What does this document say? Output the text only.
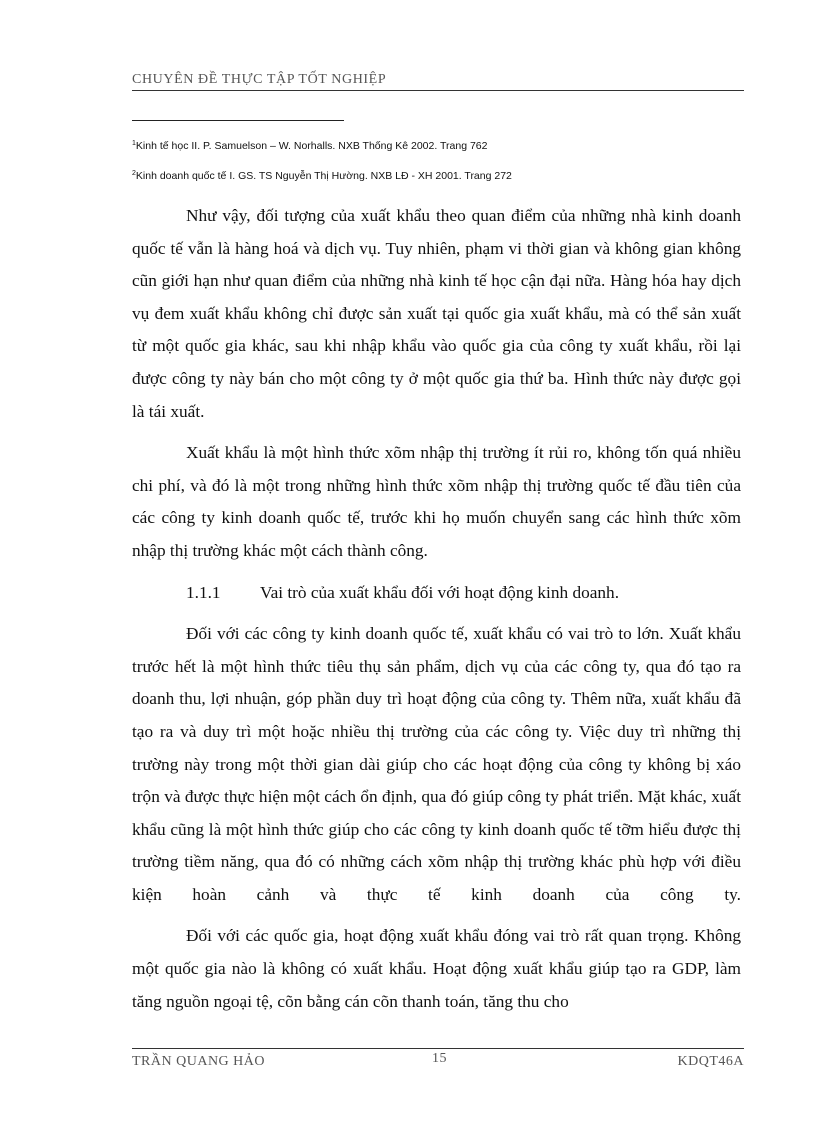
CHUYÊN ĐỀ THỰC TẬP TỐT NGHIỆP
$^1$Kinh tế học II. P. Samuelson – W. Norhalls. NXB Thống Kê 2002. Trang 762
$^2$Kinh doanh quốc tế I. GS. TS Nguyễn Thị Hường. NXB LĐ - XH 2001. Trang 272

Như vậy, đối tượng của xuất khẩu theo quan điểm của những nhà kinh doanh quốc tế vẫn là hàng hoá và dịch vụ. Tuy nhiên, phạm vi thời gian và không gian không cũn giới hạn như quan điểm của những nhà kinh tế học cận đại nữa. Hàng hóa hay dịch vụ đem xuất khẩu không chỉ được sản xuất tại quốc gia xuất khẩu, mà có thể sản xuất từ một quốc gia khác, sau khi nhập khẩu vào quốc gia của công ty xuất khẩu, rồi lại được công ty này bán cho một công ty ở một quốc gia thứ ba. Hình thức này được gọi là tái xuất.

Xuất khẩu là một hình thức xõm nhập thị trường ít rủi ro, không tốn quá nhiều chi phí, và đó là một trong những hình thức xõm nhập thị trường quốc tế đầu tiên của các công ty kinh doanh quốc tế, trước khi họ muốn chuyển sang các hình thức xõm nhập thị trường khác một cách thành công.

1.1.1 Vai trò của xuất khẩu đối với hoạt động kinh doanh.

Đối với các công ty kinh doanh quốc tế, xuất khẩu có vai trò to lớn. Xuất khẩu trước hết là một hình thức tiêu thụ sản phẩm, dịch vụ của các công ty, qua đó tạo ra doanh thu, lợi nhuận, góp phần duy trì hoạt động của công ty. Thêm nữa, xuất khẩu đã tạo ra và duy trì một hoặc nhiều thị trường của các công ty. Việc duy trì những thị trường này trong một thời gian dài giúp cho các hoạt động của công ty không bị xáo trộn và được thực hiện một cách ổn định, qua đó giúp công ty phát triển. Mặt khác, xuất khẩu cũng là một hình thức giúp cho các công ty kinh doanh quốc tế tỡm hiểu được thị trường tiềm năng, qua đó có những cách xõm nhập thị trường khác phù hợp với điều kiện hoàn cảnh và thực tế kinh doanh của công ty.

Đối với các quốc gia, hoạt động xuất khẩu đóng vai trò rất quan trọng. Không một quốc gia nào là không có xuất khẩu. Hoạt động xuất khẩu giúp tạo ra GDP, làm tăng nguồn ngoại tệ, cõn bằng cán cõn thanh toán, tăng thu cho

TRẦN QUANG HẢO	15	KDQT46A
